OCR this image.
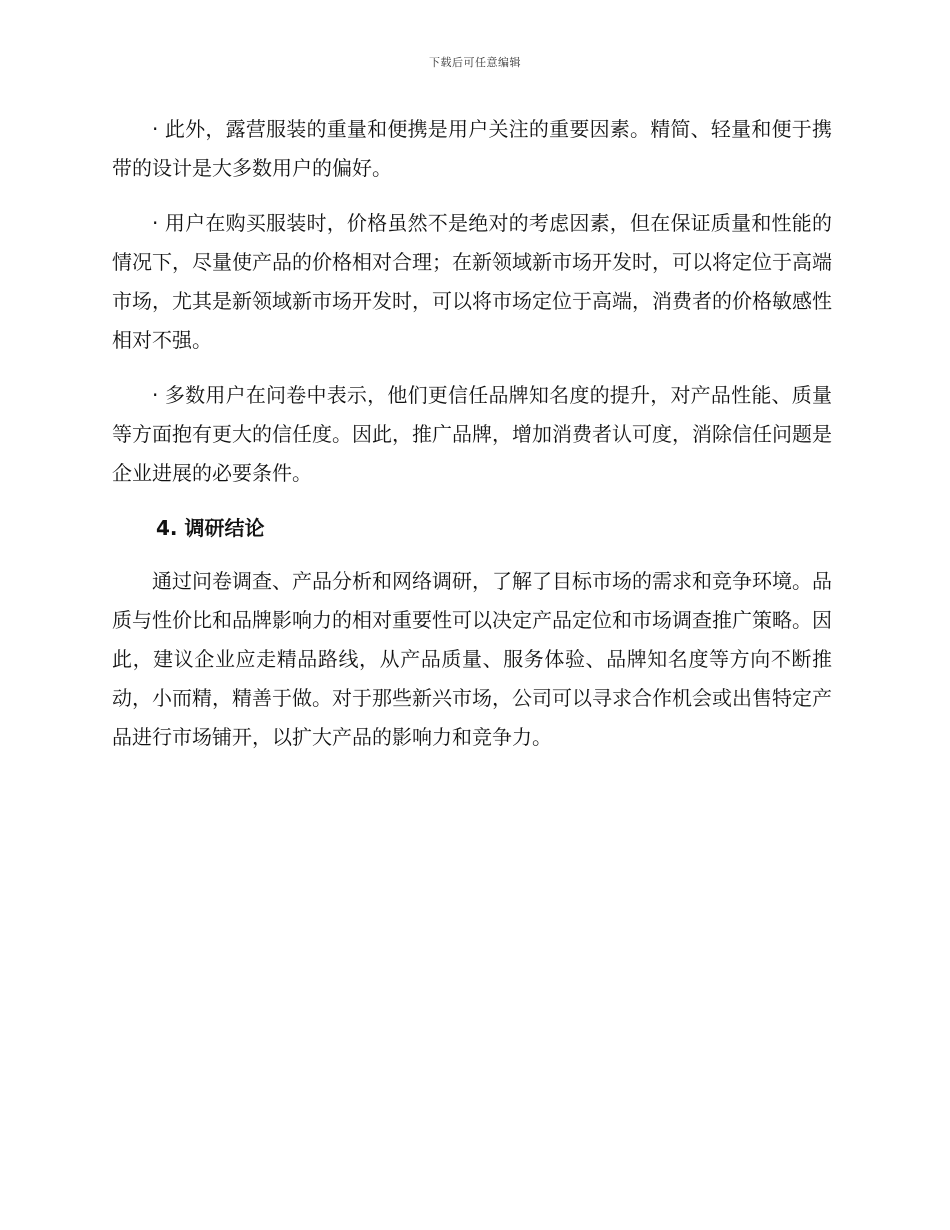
下载后可任意编辑

· 此外，露营服装的重量和便携是用户关注的重要因素。精简、轻量和便于携带的设计是大多数用户的偏好。

· 用户在购买服装时，价格虽然不是绝对的考虑因素，但在保证质量和性能的情况下，尽量使产品的价格相对合理；在新领域新市场开发时，可以将定位于高端市场，尤其是新领域新市场开发时，可以将市场定位于高端，消费者的价格敏感性相对不强。

· 多数用户在问卷中表示，他们更信任品牌知名度的提升，对产品性能、质量等方面抱有更大的信任度。因此，推广品牌，增加消费者认可度，消除信任问题是企业进展的必要条件。

4. 调研结论

通过问卷调查、产品分析和网络调研，了解了目标市场的需求和竞争环境。品质与性价比和品牌影响力的相对重要性可以决定产品定位和市场调查推广策略。因此，建议企业应走精品路线，从产品质量、服务体验、品牌知名度等方向不断推动，小而精，精善于做。对于那些新兴市场，公司可以寻求合作机会或出售特定产品进行市场铺开，以扩大产品的影响力和竞争力。
